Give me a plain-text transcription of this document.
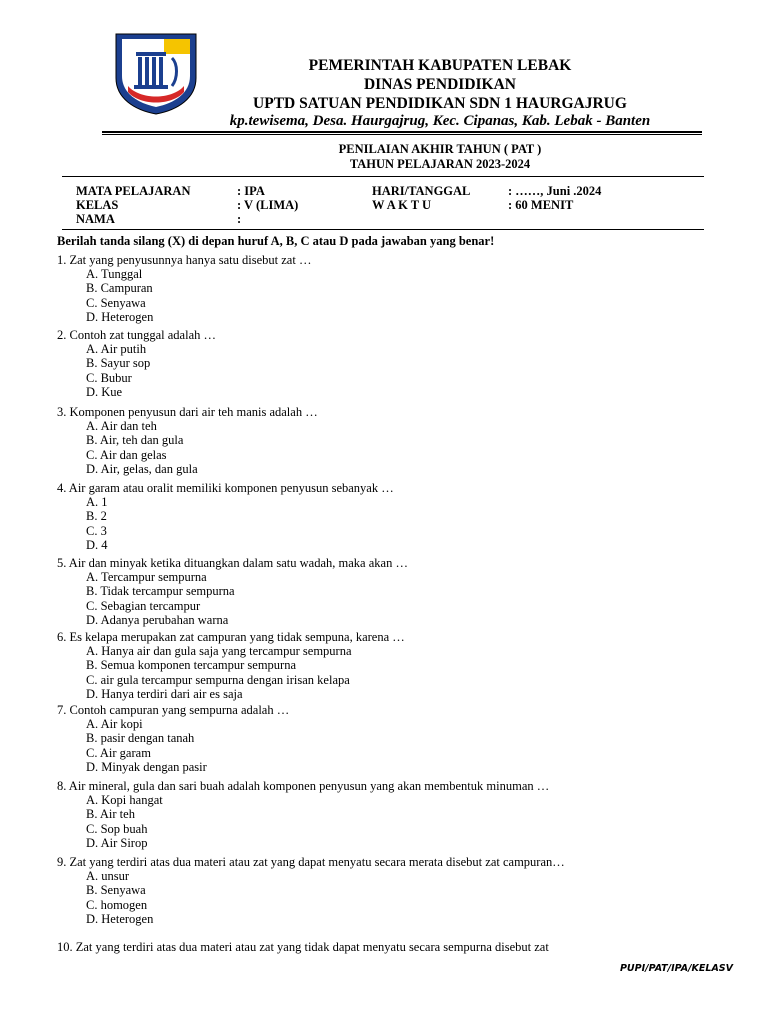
PEMERINTAH KABUPATEN LEBAK
DINAS PENDIDIKAN
UPTD SATUAN PENDIDIKAN SDN 1 HAURGAJRUG
kp.tewisema, Desa. Haurgajrug, Kec. Cipanas, Kab. Lebak - Banten
PENILAIAN AKHIR TAHUN ( PAT )
TAHUN PELAJARAN 2023-2024
MATA PELAJARAN	: IPA
KELAS	: V (LIMA)
NAMA	:
HARI/TANGGAL	: ……, Juni .2024
W A K T U	: 60 MENIT
Berilah tanda silang (X) di depan huruf A, B, C atau D pada jawaban yang benar!
1. Zat yang penyusunnya hanya satu disebut zat …
A. Tunggal
B. Campuran
C. Senyawa
D. Heterogen
2. Contoh zat tunggal adalah …
A. Air putih
B. Sayur sop
C. Bubur
D. Kue
3. Komponen penyusun dari air teh manis adalah …
A. Air dan teh
B. Air, teh dan gula
C. Air dan gelas
D. Air, gelas, dan gula
4. Air garam atau oralit memiliki komponen penyusun sebanyak …
A. 1
B. 2
C. 3
D. 4
5. Air dan minyak ketika dituangkan dalam satu wadah, maka akan …
A. Tercampur sempurna
B. Tidak tercampur sempurna
C. Sebagian tercampur
D. Adanya perubahan warna
6. Es kelapa merupakan zat campuran yang tidak sempuna, karena …
A. Hanya air dan gula saja yang tercampur sempurna
B. Semua komponen tercampur sempurna
C. air gula tercampur sempurna dengan irisan kelapa
D. Hanya terdiri dari air es saja
7. Contoh campuran yang sempurna adalah …
A. Air kopi
B. pasir dengan tanah
C. Air garam
D. Minyak dengan pasir
8. Air mineral, gula dan sari buah adalah komponen penyusun yang akan membentuk minuman …
A. Kopi hangat
B. Air teh
C. Sop buah
D. Air Sirop
9. Zat yang terdiri atas dua materi atau zat yang dapat menyatu secara merata disebut zat campuran…
A. unsur
B. Senyawa
C. homogen
D. Heterogen
10. Zat yang terdiri atas dua materi atau zat yang tidak dapat menyatu secara sempurna disebut zat
PUPI/PAT/IPA/KELASV
